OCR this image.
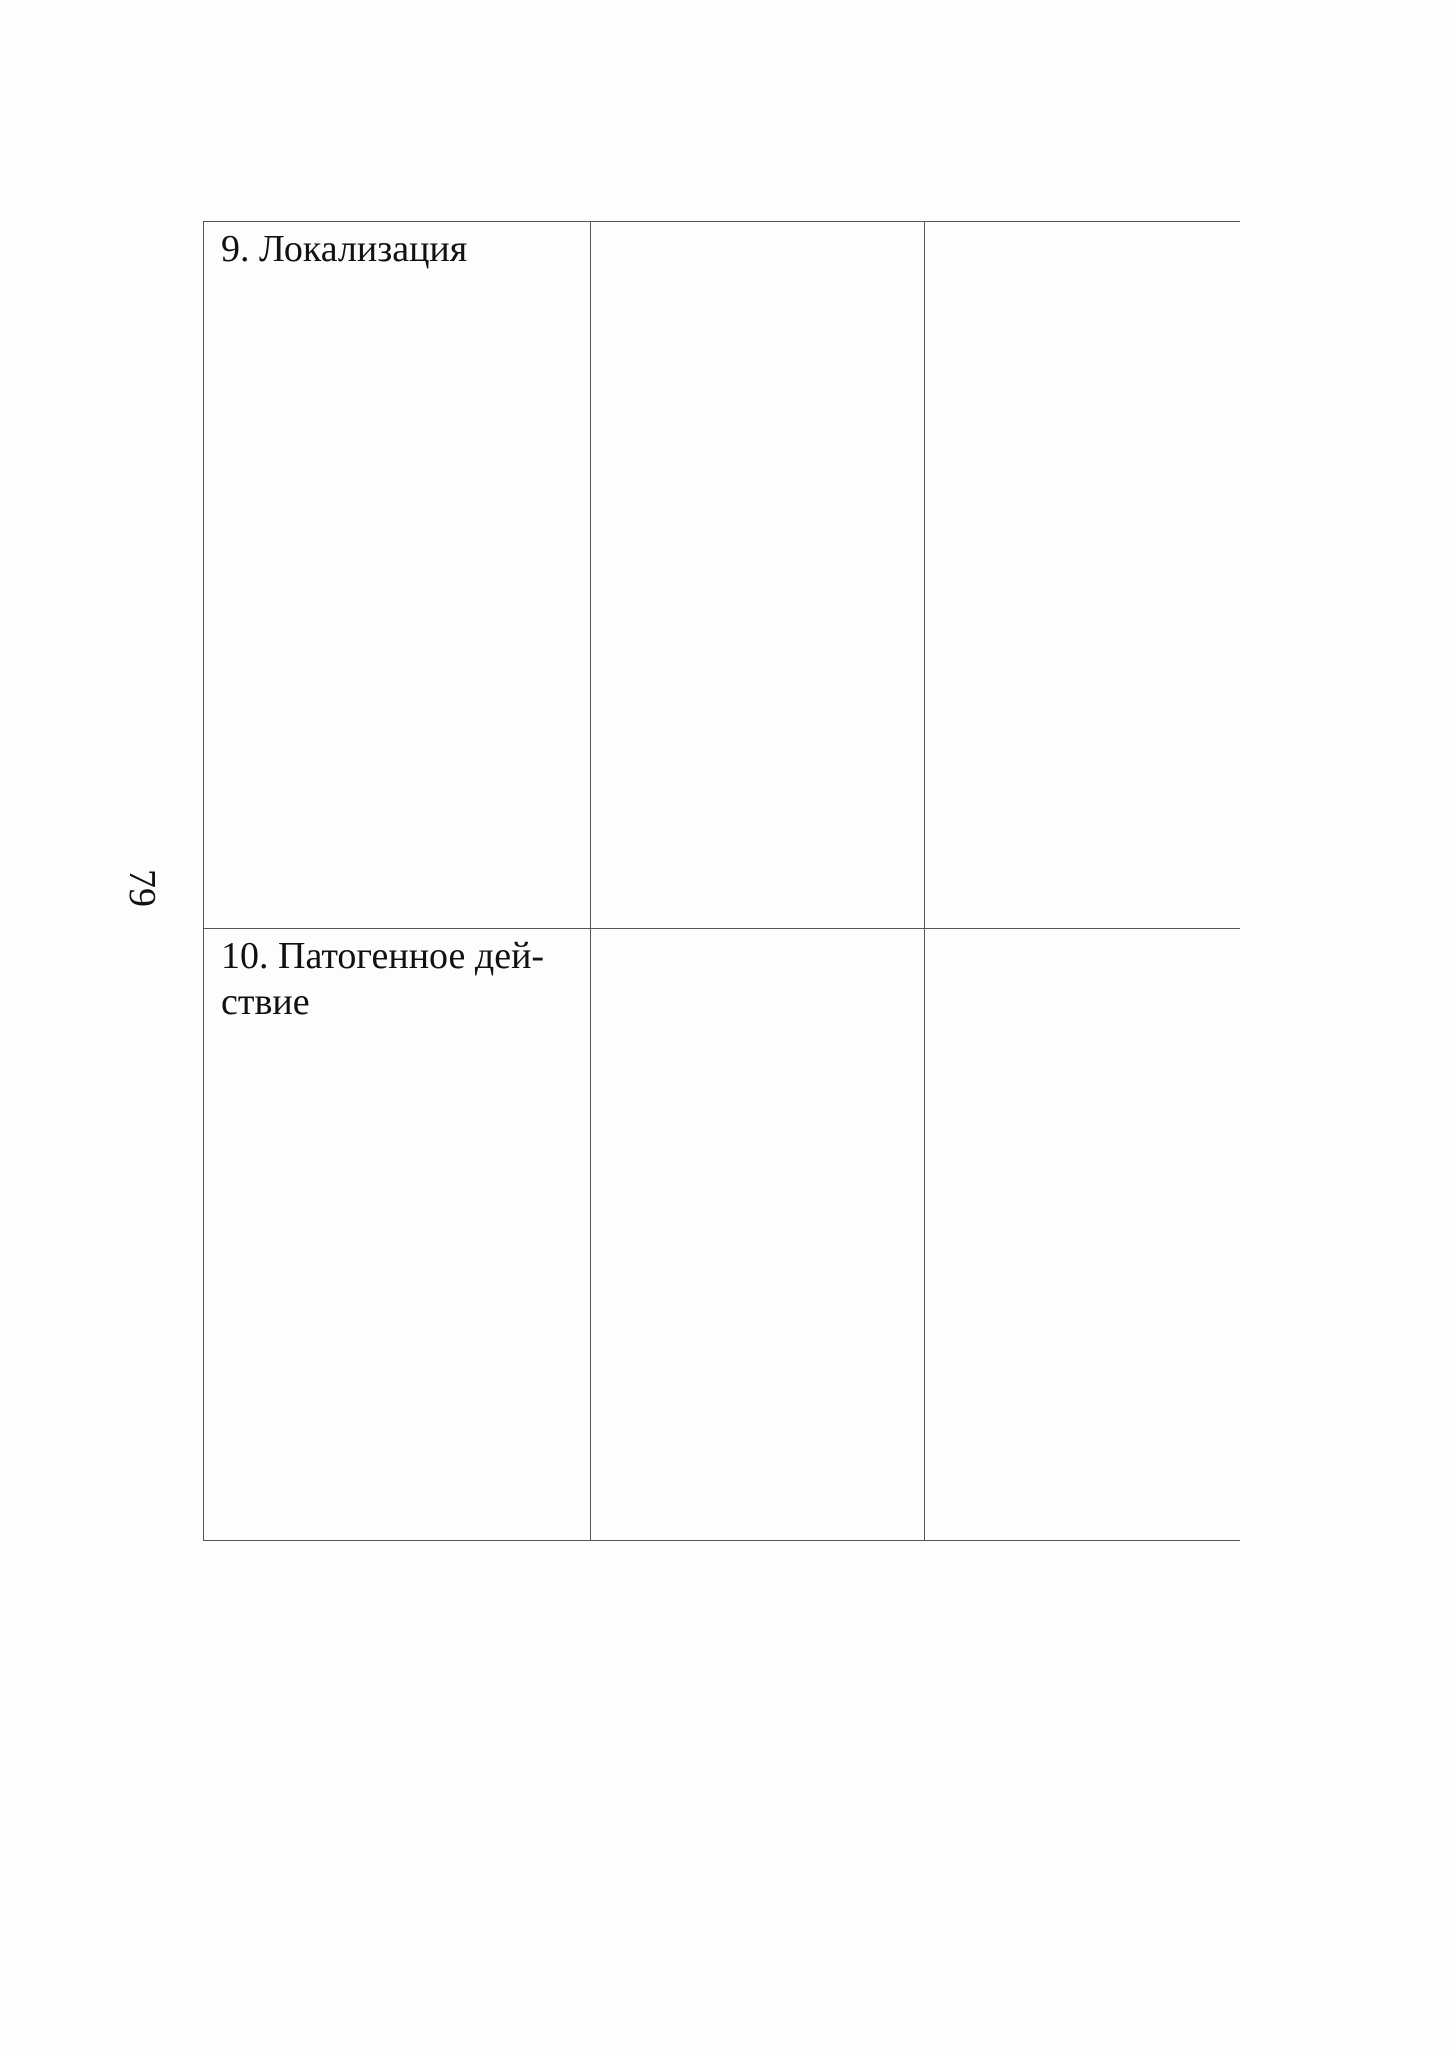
79
9. Локализация
10. Патогенное дей-
ствие
